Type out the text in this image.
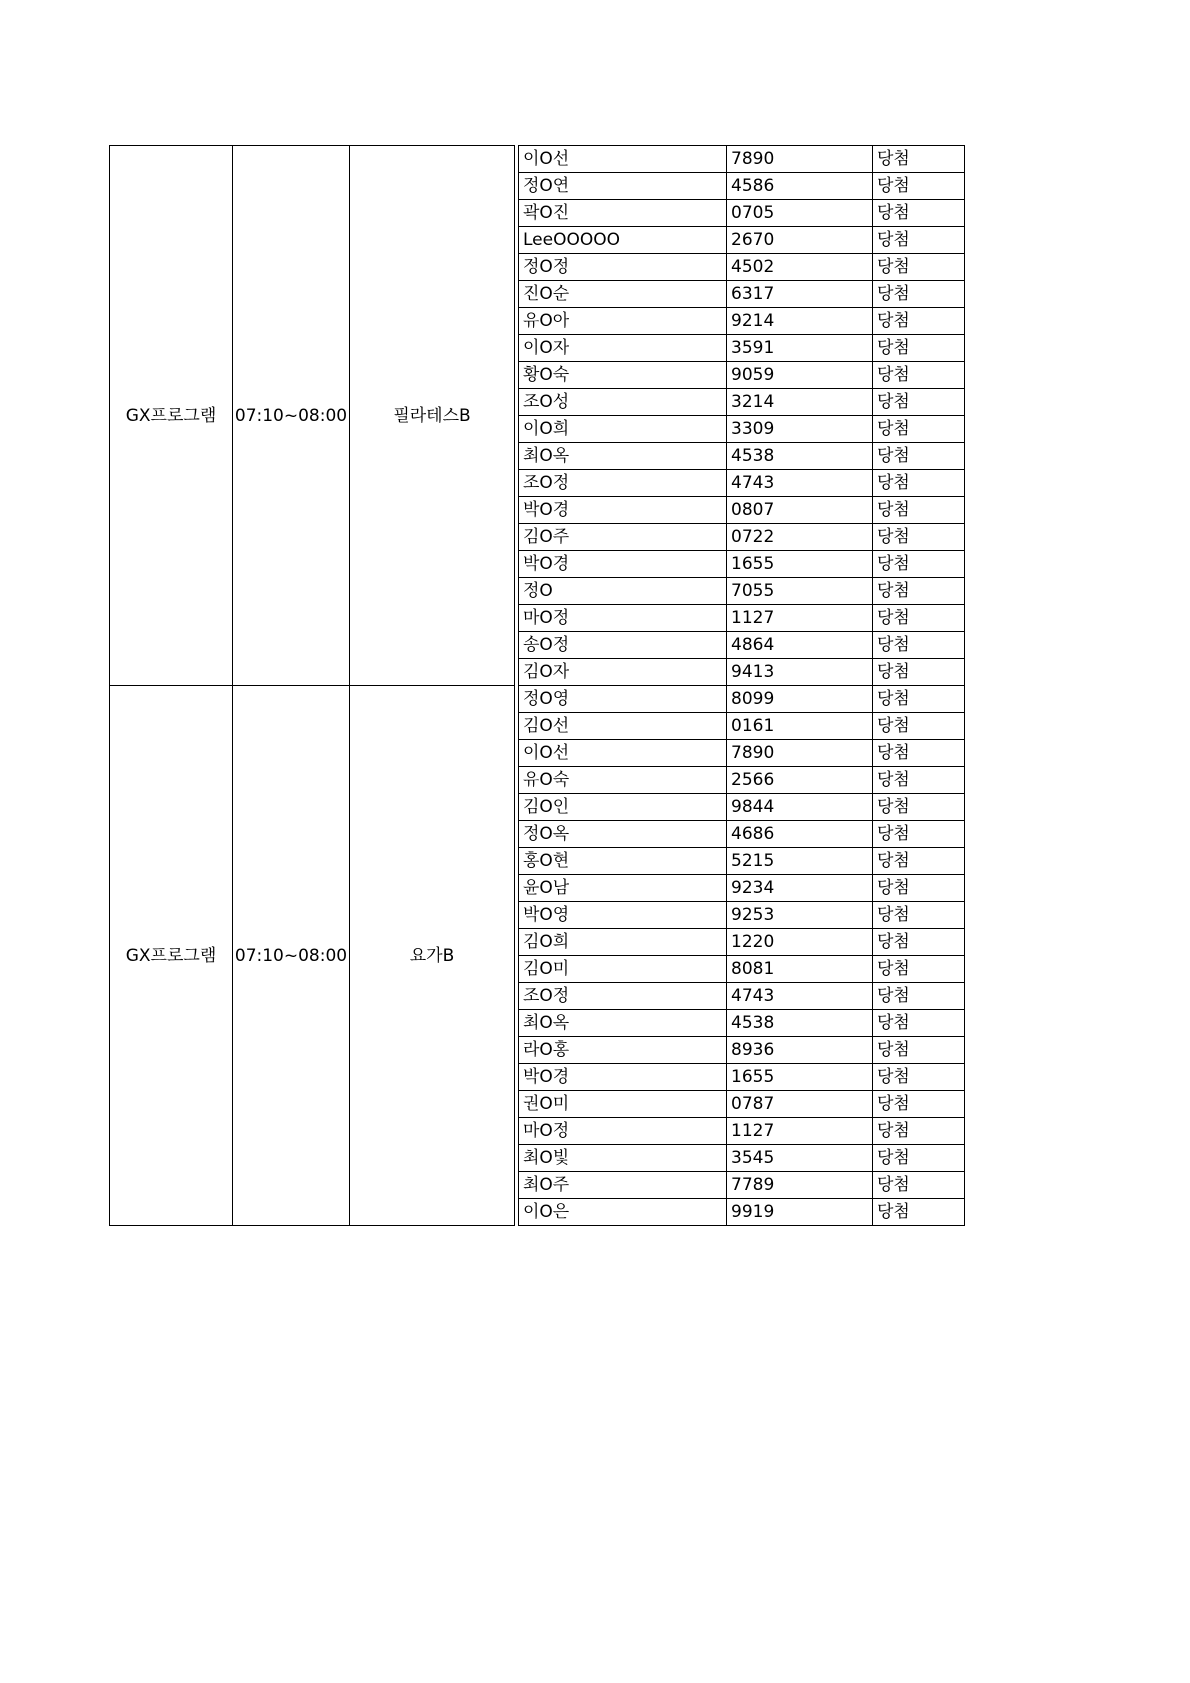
GX프로그램	07:10~08:00	필라테스B		이O선	7890	당첨
				정O연	4586	당첨
				곽O진	0705	당첨
				LeeOOOOO	2670	당첨
				정O정	4502	당첨
				진O순	6317	당첨
				유O아	9214	당첨
				이O자	3591	당첨
				황O숙	9059	당첨
				조O성	3214	당첨
				이O희	3309	당첨
				최O옥	4538	당첨
				조O정	4743	당첨
				박O경	0807	당첨
				김O주	0722	당첨
				박O경	1655	당첨
				정O	7055	당첨
				마O정	1127	당첨
				송O정	4864	당첨
				김O자	9413	당첨
GX프로그램	07:10~08:00	요가B		정O영	8099	당첨
				김O선	0161	당첨
				이O선	7890	당첨
				유O숙	2566	당첨
				김O인	9844	당첨
				정O옥	4686	당첨
				홍O현	5215	당첨
				윤O남	9234	당첨
				박O영	9253	당첨
				김O희	1220	당첨
				김O미	8081	당첨
				조O정	4743	당첨
				최O옥	4538	당첨
				라O홍	8936	당첨
				박O경	1655	당첨
				권O미	0787	당첨
				마O정	1127	당첨
				최O빛	3545	당첨
				최O주	7789	당첨
				이O은	9919	당첨
